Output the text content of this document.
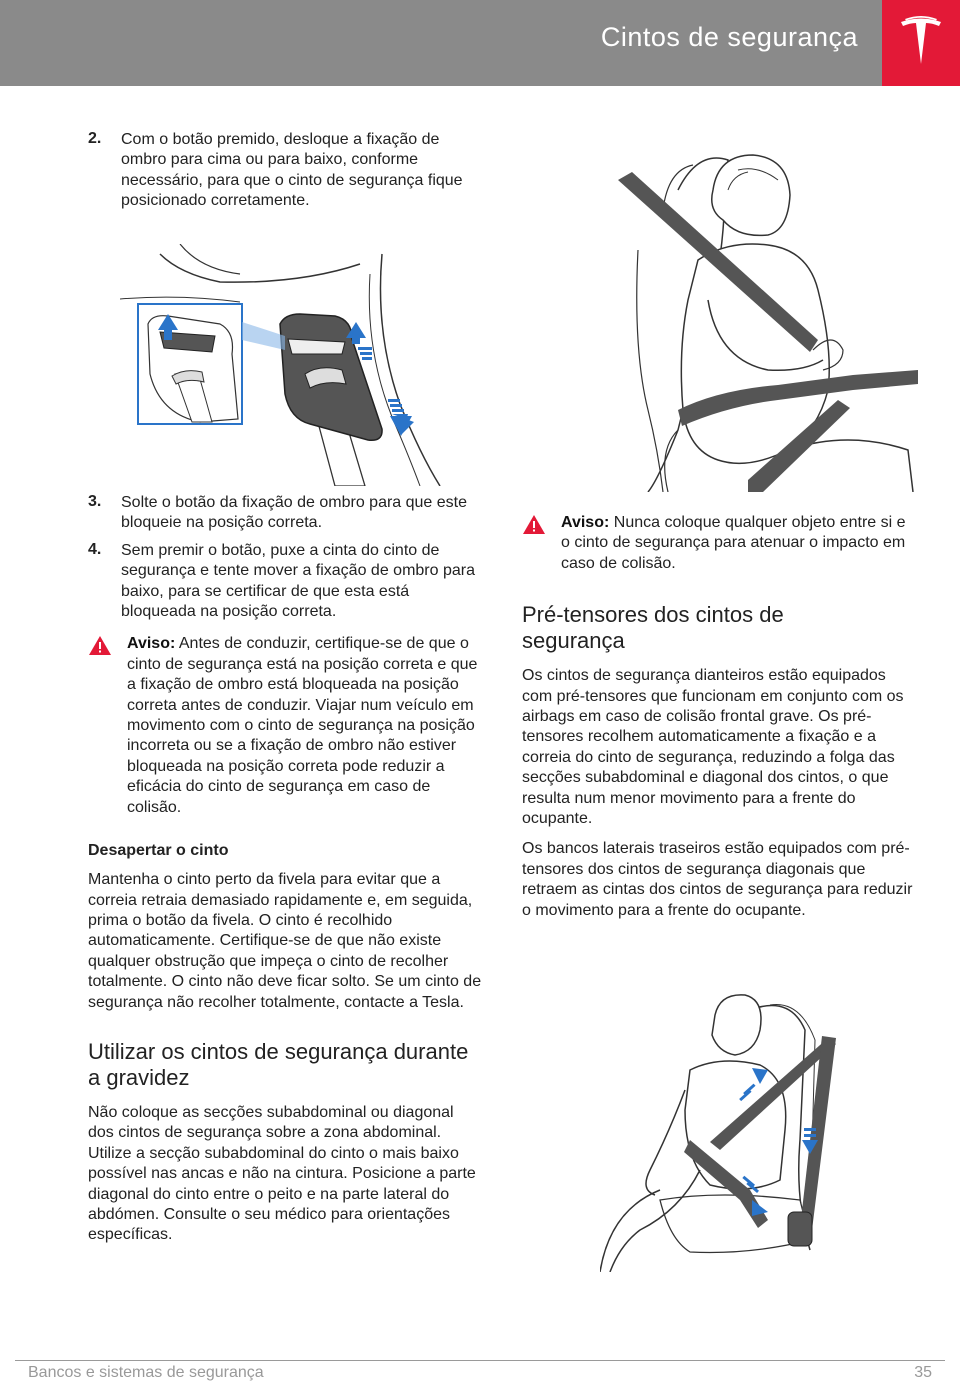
Cintos de segurança
2. Com o botão premido, desloque a fixação de ombro para cima ou para baixo, conforme necessário, para que o cinto de segurança fique posicionado corretamente.

3. Solte o botão da fixação de ombro para que este bloqueie na posição correta.

4. Sem premir o botão, puxe a cinta do cinto de segurança e tente mover a fixação de ombro para baixo, para se certificar de que esta está bloqueada na posição correta.

Aviso: Antes de conduzir, certifique-se de que o cinto de segurança está na posição correta e que a fixação de ombro está bloqueada na posição correta antes de conduzir. Viajar num veículo em movimento com o cinto de segurança na posição incorreta ou se a fixação de ombro não estiver bloqueada na posição correta pode reduzir a eficácia do cinto de segurança em caso de colisão.

Desapertar o cinto

Mantenha o cinto perto da fivela para evitar que a correia retraia demasiado rapidamente e, em seguida, prima o botão da fivela. O cinto é recolhido automaticamente. Certifique-se de que não existe qualquer obstrução que impeça o cinto de recolher totalmente. O cinto não deve ficar solto. Se um cinto de segurança não recolher totalmente, contacte a Tesla.

Utilizar os cintos de segurança durante a gravidez

Não coloque as secções subabdominal ou diagonal dos cintos de segurança sobre a zona abdominal. Utilize a secção subabdominal do cinto o mais baixo possível nas ancas e não na cintura. Posicione a parte diagonal do cinto entre o peito e na parte lateral do abdómen. Consulte o seu médico para orientações específicas.

Aviso: Nunca coloque qualquer objeto entre si e o cinto de segurança para atenuar o impacto em caso de colisão.

Pré-tensores dos cintos de segurança

Os cintos de segurança dianteiros estão equipados com pré-tensores que funcionam em conjunto com os airbags em caso de colisão frontal grave. Os pré-tensores recolhem automaticamente a fixação e a correia do cinto de segurança, reduzindo a folga das secções subabdominal e diagonal dos cintos, o que resulta num menor movimento para a frente do ocupante.

Os bancos laterais traseiros estão equipados com pré-tensores dos cintos de segurança diagonais que retraem as cintas dos cintos de segurança para reduzir o movimento para a frente do ocupante.

Bancos e sistemas de segurança	35
